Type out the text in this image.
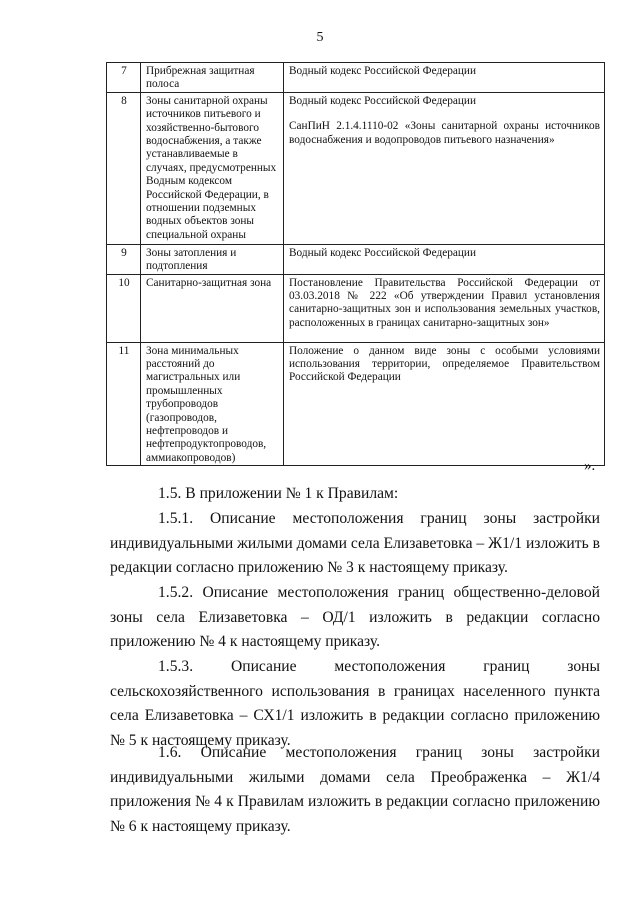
5
7	Прибрежная защитная полоса	Водный кодекс Российской Федерации

8	Зоны санитарной охраны источников питьевого и хозяйственно-бытового водоснабжения, а также устанавливаемые в случаях, предусмотренных Водным кодексом Российской Федерации, в отношении подземных водных объектов зоны специальной охраны	Водный кодекс Российской Федерации
СанПиН 2.1.4.1110-02 «Зоны санитарной охраны источников водоснабжения и водопроводов питьевого назначения»

9	Зоны затопления и подтопления	Водный кодекс Российской Федерации

10	Санитарно-защитная зона	Постановление Правительства Российской Федерации от 03.03.2018 № 222 «Об утверждении Правил установления санитарно-защитных зон и использования земельных участков, расположенных в границах санитарно-защитных зон»

11	Зона минимальных расстояний до магистральных или промышленных трубопроводов (газопроводов, нефтепроводов и нефтепродуктопроводов, аммиакопроводов)	Положение о данном виде зоны с особыми условиями использования территории, определяемое Правительством Российской Федерации
».

1.5. В приложении № 1 к Правилам:

1.5.1. Описание местоположения границ зоны застройки индивидуальными жилыми домами села Елизаветовка – Ж1/1 изложить в редакции согласно приложению № 3 к настоящему приказу.

1.5.2. Описание местоположения границ общественно-деловой зоны села Елизаветовка – ОД/1 изложить в редакции согласно приложению № 4 к настоящему приказу.

1.5.3. Описание местоположения границ зоны сельскохозяйственного использования в границах населенного пункта села Елизаветовка – СХ1/1 изложить в редакции согласно приложению № 5 к настоящему приказу.

1.6. Описание местоположения границ зоны застройки индивидуальными жилыми домами села Преображенка – Ж1/4 приложения № 4 к Правилам изложить в редакции согласно приложению № 6 к настоящему приказу.
